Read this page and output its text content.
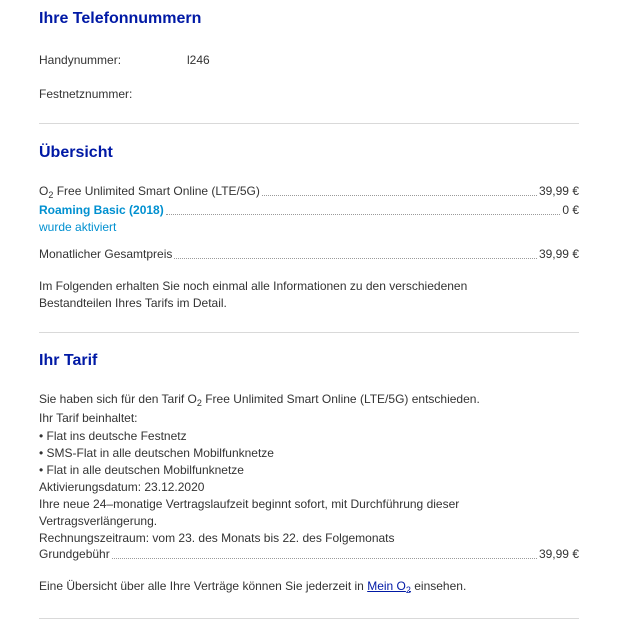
Ihre Telefonnummern
Handynummer:	l246
Festnetznummer:
Übersicht
$O_2$ Free Unlimited Smart Online (LTE/5G)	39,99 €
Roaming Basic (2018)	0 €
wurde aktiviert
Monatlicher Gesamtpreis	39,99 €
Im Folgenden erhalten Sie noch einmal alle Informationen zu den verschiedenen
Bestandteilen Ihres Tarifs im Detail.
Ihr Tarif
Sie haben sich für den Tarif $O_2$ Free Unlimited Smart Online (LTE/5G) entschieden.
Ihr Tarif beinhaltet:
• Flat ins deutsche Festnetz
• SMS-Flat in alle deutschen Mobilfunknetze
• Flat in alle deutschen Mobilfunknetze
Aktivierungsdatum: 23.12.2020
Ihre neue 24–monatige Vertragslaufzeit beginnt sofort, mit Durchführung dieser
Vertragsverlängerung.
Rechnungszeitraum: vom 23. des Monats bis 22. des Folgemonats
Grundgebühr	39,99 €
Eine Übersicht über alle Ihre Verträge können Sie jederzeit in Mein $O_2$ einsehen.
